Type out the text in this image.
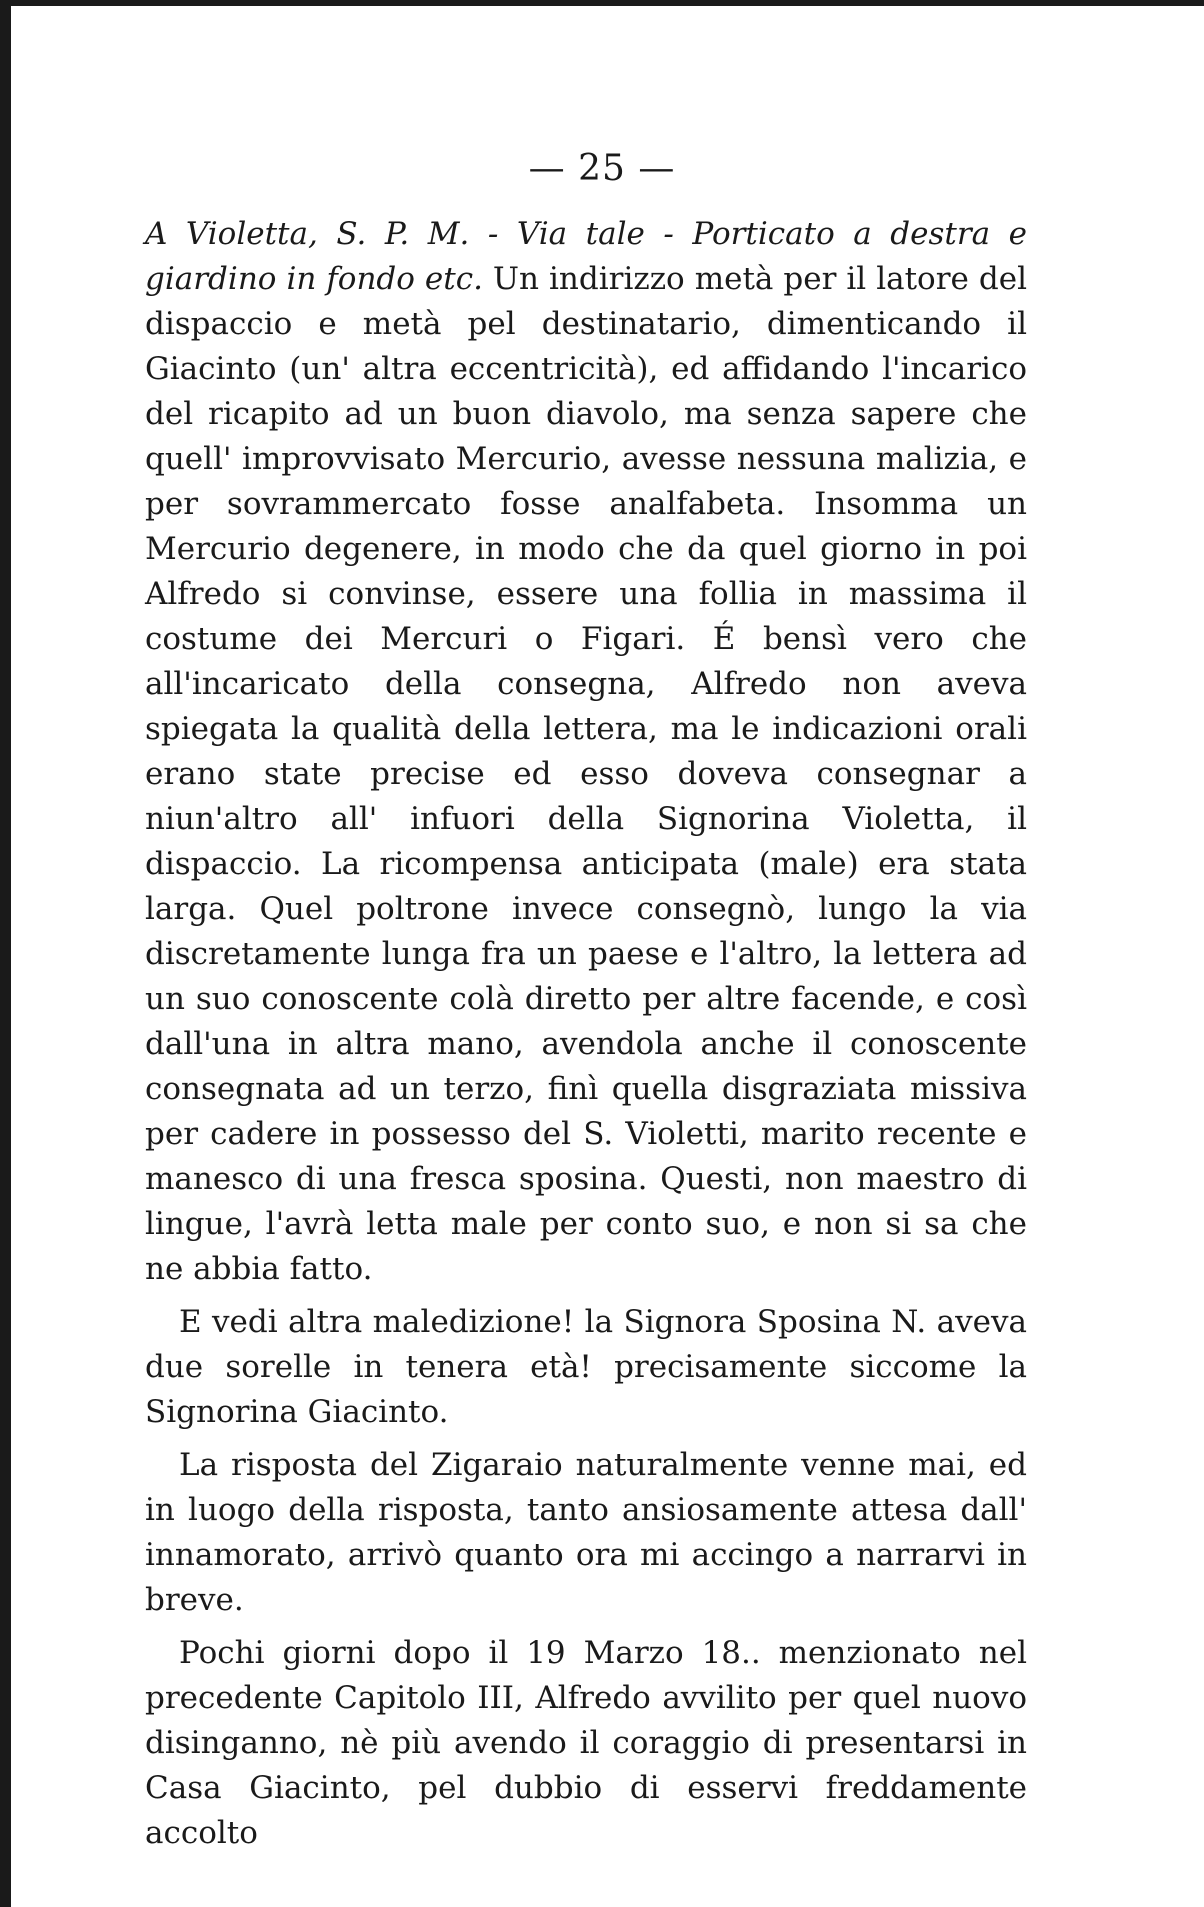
— 25 —

A Violetta, S. P. M. - Via tale - Porticato a destra e giardino in fondo etc. Un indirizzo metà per il latore del dispaccio e metà pel destinatario, dimenticando il Giacinto (un' altra eccentricità), ed affidando l'incarico del ricapito ad un buon diavolo, ma senza sapere che quell' improvvisato Mercurio, avesse nessuna malizia, e per sovrammercato fosse analfabeta. Insomma un Mercurio degenere, in modo che da quel giorno in poi Alfredo si convinse, essere una follia in massima il costume dei Mercuri o Figari. É bensì vero che all'incaricato della consegna, Alfredo non aveva spiegata la qualità della lettera, ma le indicazioni orali erano state precise ed esso doveva consegnar a niun'altro all' infuori della Signorina Violetta, il dispaccio. La ricompensa anticipata (male) era stata larga. Quel poltrone invece consegnò, lungo la via discretamente lunga fra un paese e l'altro, la lettera ad un suo conoscente colà diretto per altre facende, e così dall'una in altra mano, avendola anche il conoscente consegnata ad un terzo, finì quella disgraziata missiva per cadere in possesso del S. Violetti, marito recente e manesco di una fresca sposina. Questi, non maestro di lingue, l'avrà letta male per conto suo, e non si sa che ne abbia fatto.

E vedi altra maledizione! la Signora Sposina N. aveva due sorelle in tenera età! precisamente siccome la Signorina Giacinto.

La risposta del Zigaraio naturalmente venne mai, ed in luogo della risposta, tanto ansiosamente attesa dall' innamorato, arrivò quanto ora mi accingo a narrarvi in breve.

Pochi giorni dopo il 19 Marzo 18.. menzionato nel precedente Capitolo III, Alfredo avvilito per quel nuovo disinganno, nè più avendo il coraggio di presentarsi in Casa Giacinto, pel dubbio di esservi freddamente accolto
